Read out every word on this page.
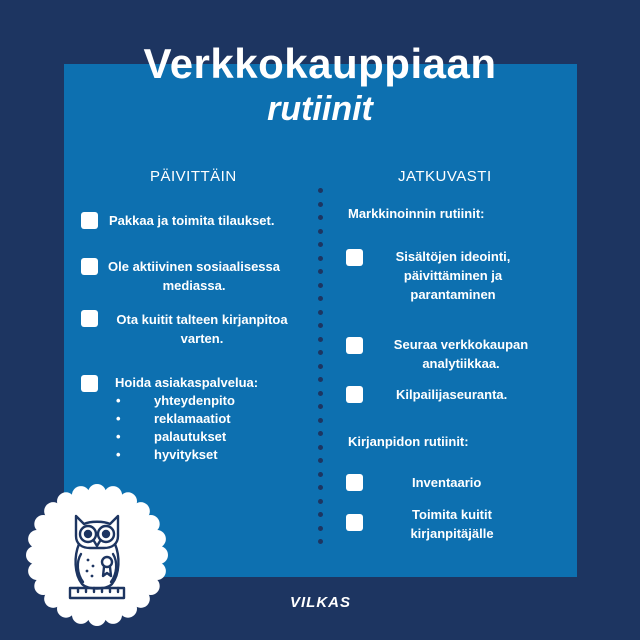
Verkkokauppiaan
rutiinit
PÄIVITTÄIN	JATKUVASTI
Pakkaa ja toimita tilaukset.
Ole aktiivinen sosiaalisessa
mediassa.
Ota kuitit talteen kirjanpitoa
varten.
Hoida asiakaspalvelua:
•	yhteydenpito
•	reklamaatiot
•	palautukset
•	hyvitykset
Markkinoinnin rutiinit:
Sisältöjen ideointi,
päivittäminen ja
parantaminen
Seuraa verkkokaupan
analytiikkaa.
Kilpailijaseuranta.
Kirjanpidon rutiinit:
Inventaario
Toimita kuitit
kirjanpitäjälle
VILKAS
